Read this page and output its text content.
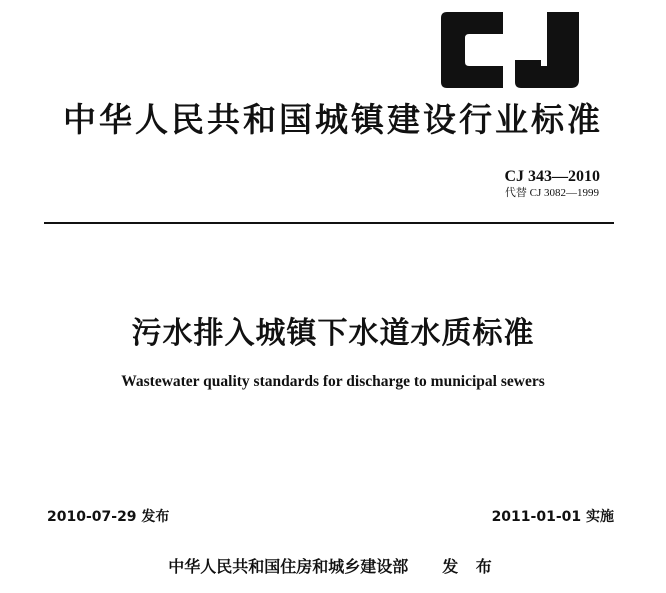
中华人民共和国城镇建设行业标准
CJ 343—2010
代替 CJ 3082—1999
污水排入城镇下水道水质标准
Wastewater quality standards for discharge to municipal sewers
2010-07-29 发布	2011-01-01 实施
中华人民共和国住房和城乡建设部 发 布
